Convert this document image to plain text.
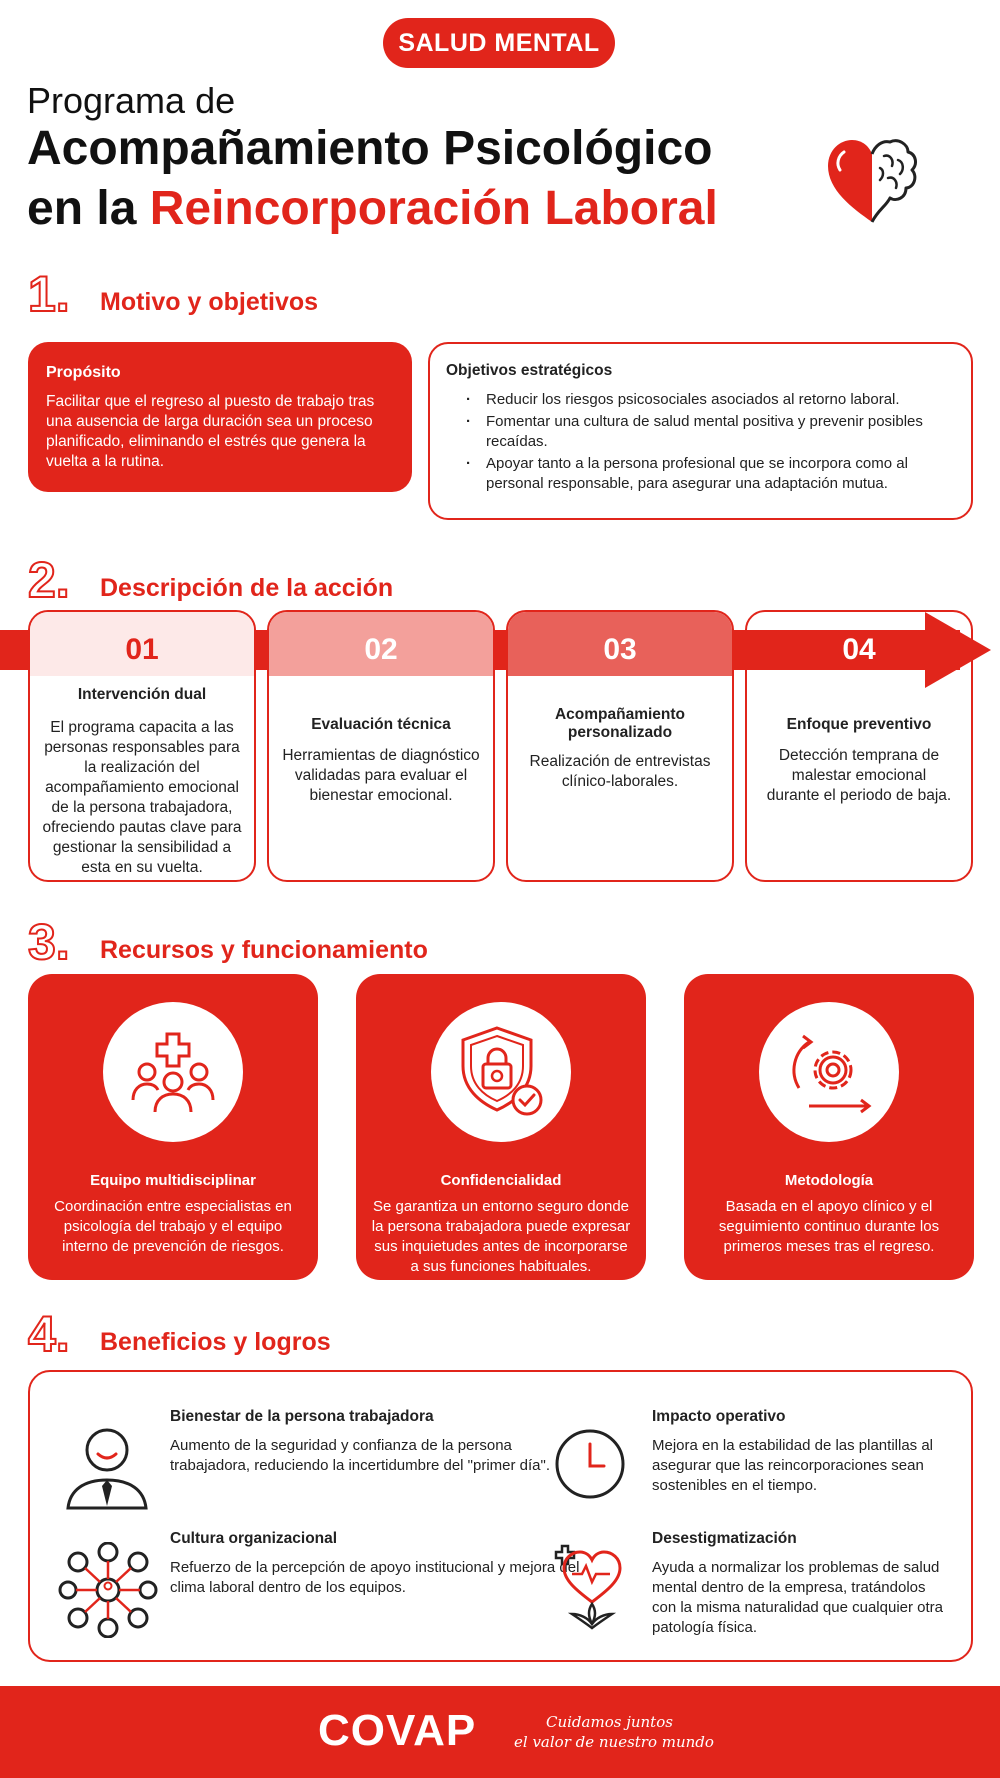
SALUD MENTAL
Programa de
Acompañamiento Psicológico
en la Reincorporación Laboral
1. Motivo y objetivos
Propósito
Facilitar que el regreso al puesto de trabajo tras una ausencia de larga duración sea un proceso planificado, eliminando el estrés que genera la vuelta a la rutina.
Objetivos estratégicos
· Reducir los riesgos psicosociales asociados al retorno laboral.
· Fomentar una cultura de salud mental positiva y prevenir posibles recaídas.
· Apoyar tanto a la persona profesional que se incorpora como al personal responsable, para asegurar una adaptación mutua.
2. Descripción de la acción
01
Intervención dual
El programa capacita a las personas responsables para la realización del acompañamiento emocional de la persona trabajadora, ofreciendo pautas clave para gestionar la sensibilidad a esta en su vuelta.
02
Evaluación técnica
Herramientas de diagnóstico validadas para evaluar el bienestar emocional.
03
Acompañamiento personalizado
Realización de entrevistas clínico-laborales.
04
Enfoque preventivo
Detección temprana de malestar emocional durante el periodo de baja.
3. Recursos y funcionamiento
Equipo multidisciplinar
Coordinación entre especialistas en psicología del trabajo y el equipo interno de prevención de riesgos.
Confidencialidad
Se garantiza un entorno seguro donde la persona trabajadora puede expresar sus inquietudes antes de incorporarse a sus funciones habituales.
Metodología
Basada en el apoyo clínico y el seguimiento continuo durante los primeros meses tras el regreso.
4. Beneficios y logros
Bienestar de la persona trabajadora
Aumento de la seguridad y confianza de la persona trabajadora, reduciendo la incertidumbre del "primer día".
Impacto operativo
Mejora en la estabilidad de las plantillas al asegurar que las reincorporaciones sean sostenibles en el tiempo.
Cultura organizacional
Refuerzo de la percepción de apoyo institucional y mejora del clima laboral dentro de los equipos.
Desestigmatización
Ayuda a normalizar los problemas de salud mental dentro de la empresa, tratándolos con la misma naturalidad que cualquier otra patología física.
COVAP	Cuidamos juntos
el valor de nuestro mundo
